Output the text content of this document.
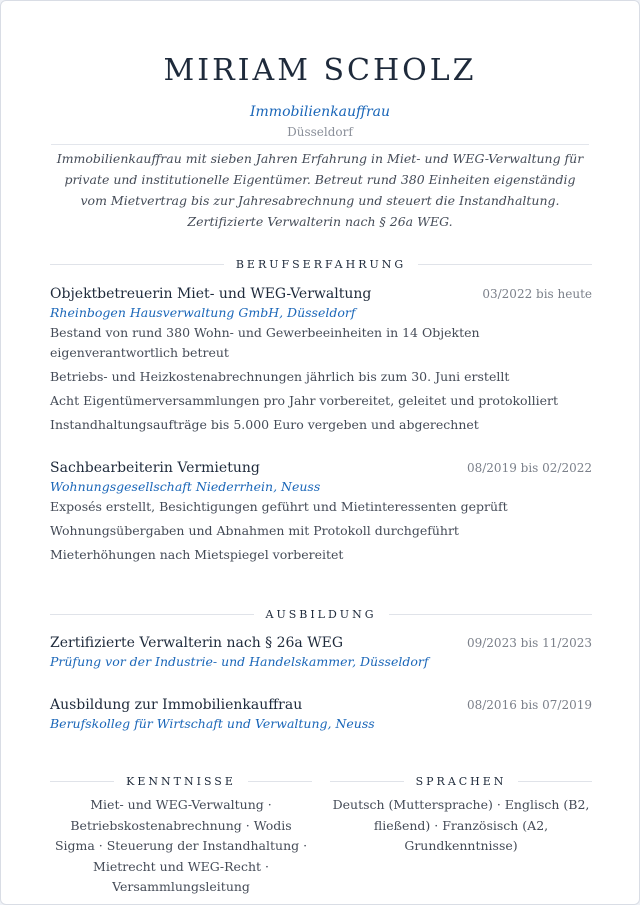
MIRIAM SCHOLZ
Immobilienkauffrau
Düsseldorf
Immobilienkauffrau mit sieben Jahren Erfahrung in Miet- und WEG-Verwaltung für private und institutionelle Eigentümer. Betreut rund 380 Einheiten eigenständig vom Mietvertrag bis zur Jahresabrechnung und steuert die Instandhaltung. Zertifizierte Verwalterin nach § 26a WEG.
BERUFSERFAHRUNG
Objektbetreuerin Miet- und WEG-Verwaltung	03/2022 bis heute
Rheinbogen Hausverwaltung GmbH, Düsseldorf
Bestand von rund 380 Wohn- und Gewerbeeinheiten in 14 Objekten eigenverantwortlich betreut
Betriebs- und Heizkostenabrechnungen jährlich bis zum 30. Juni erstellt
Acht Eigentümerversammlungen pro Jahr vorbereitet, geleitet und protokolliert
Instandhaltungsaufträge bis 5.000 Euro vergeben und abgerechnet
Sachbearbeiterin Vermietung	08/2019 bis 02/2022
Wohnungsgesellschaft Niederrhein, Neuss
Exposés erstellt, Besichtigungen geführt und Mietinteressenten geprüft
Wohnungsübergaben und Abnahmen mit Protokoll durchgeführt
Mieterhöhungen nach Mietspiegel vorbereitet
AUSBILDUNG
Zertifizierte Verwalterin nach § 26a WEG	09/2023 bis 11/2023
Prüfung vor der Industrie- und Handelskammer, Düsseldorf
Ausbildung zur Immobilienkauffrau	08/2016 bis 07/2019
Berufskolleg für Wirtschaft und Verwaltung, Neuss
KENNTNISSE
Miet- und WEG-Verwaltung · Betriebskostenabrechnung · Wodis Sigma · Steuerung der Instandhaltung · Mietrecht und WEG-Recht · Versammlungsleitung
SPRACHEN
Deutsch (Muttersprache) · Englisch (B2, fließend) · Französisch (A2, Grundkenntnisse)
